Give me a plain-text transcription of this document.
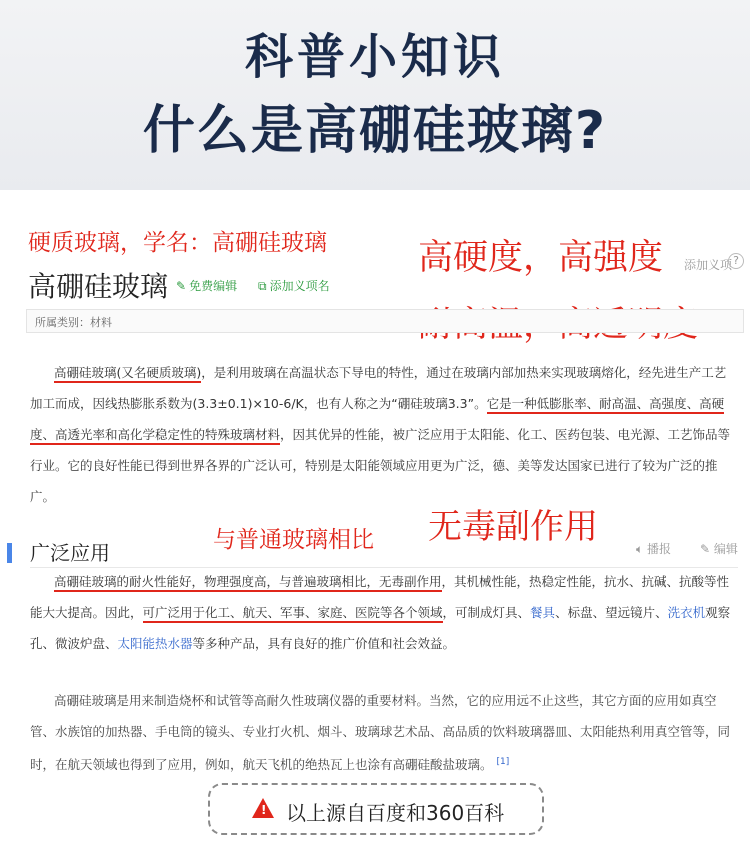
科普小知识
什么是高硼硅玻璃?
高硼硅玻璃 ✎ 免费编辑 ⧉ 添加义项名
添加义项 ?
硬质玻璃，学名：高硼硅玻璃	高硬度，高强度
所属类别：材料
高硼硅玻璃(又名硬质玻璃)，是利用玻璃在高温状态下导电的特性，通过在玻璃内部加热来实现玻璃熔化，经先进生产工艺加工而成，因线热膨胀系数为(3.3±0.1)×10-6/K，也有人称之为“硼硅玻璃3.3”。它是一种低膨胀率、耐高温、高强度、高硬度、高透光率和高化学稳定性的特殊玻璃材料，因其优异的性能，被广泛应用于太阳能、化工、医药包装、电光源、工艺饰品等行业。它的良好性能已得到世界各界的广泛认可，特别是太阳能领域应用更为广泛，德、美等发达国家已进行了较为广泛的推广。
广泛应用	🔈︎ 播报 ✎ 编辑
与普通玻璃相比 无毒副作用
高硼硅玻璃的耐火性能好，物理强度高，与普遍玻璃相比，无毒副作用，其机械性能，热稳定性能，抗水、抗碱、抗酸等性能大大提高。因此，可广泛用于化工、航天、军事、家庭、医院等各个领域，可制成灯具、餐具、标盘、望远镜片、洗衣机观察孔、微波炉盘、太阳能热水器等多种产品，具有良好的推广价值和社会效益。
高硼硅玻璃是用来制造烧杯和试管等高耐久性玻璃仪器的重要材料。当然，它的应用远不止这些，其它方面的应用如真空管、水族馆的加热器、手电筒的镜头、专业打火机、烟斗、玻璃球艺术品、高品质的饮料玻璃器皿、太阳能热利用真空管等，同时，在航天领域也得到了应用，例如，航天飞机的绝热瓦上也涂有高硼硅酸盐玻璃。 [1]
! 以上源自百度和360百科
